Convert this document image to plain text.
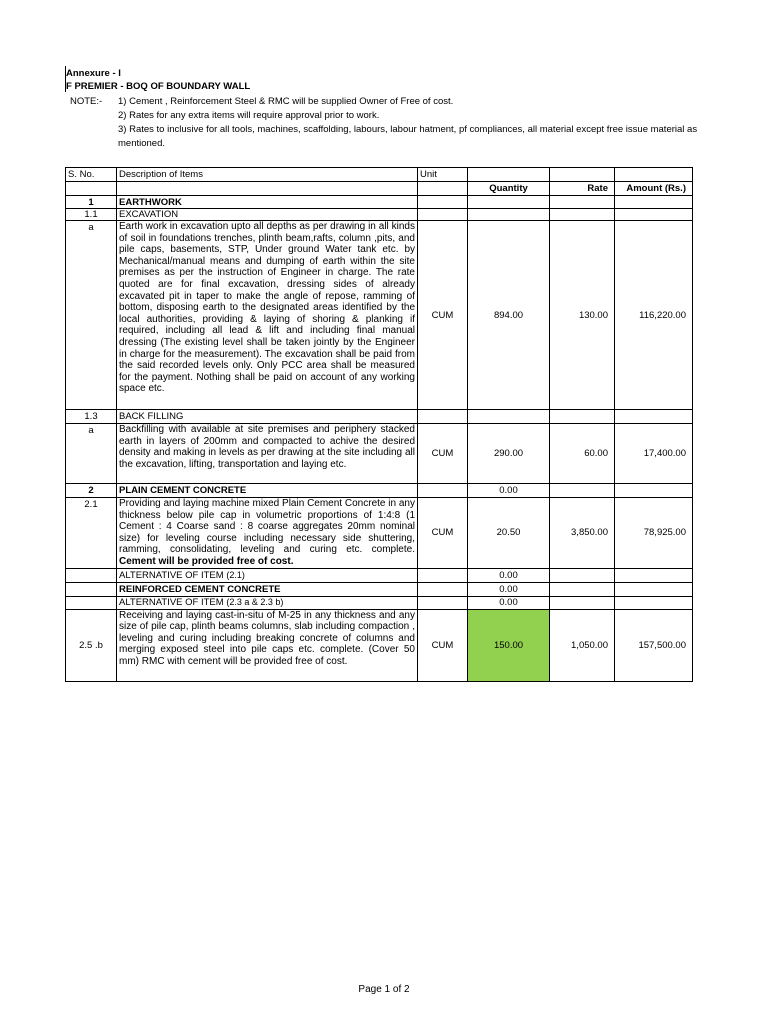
Annexure - I
F PREMIER - BOQ OF BOUNDARY WALL
NOTE:- 1) Cement , Reinforcement Steel & RMC will be supplied Owner of Free of cost.
2) Rates for any extra items will require approval prior to work.
3) Rates to inclusive for all tools, machines, scaffolding, labours, labour hatment, pf compliances, all material except free issue material as mentioned.
S. No.	Description of Items	Unit			
			Quantity	Rate	Amount (Rs.)
1	EARTHWORK				
1.1	EXCAVATION				
a	Earth work in excavation upto all depths as per drawing in all kinds of soil in foundations trenches, plinth beam,rafts, column ,pits, and pile caps, basements, STP, Under ground Water tank etc. by Mechanical/manual means and dumping of earth within the site premises as per the instruction of Engineer in charge. The rate quoted are for final excavation, dressing sides of already excavated pit in taper to make the angle of repose, ramming of bottom, disposing earth to the designated areas identified by the local authorities, providing & laying of shoring & planking if required, including all lead & lift and including final manual dressing (The existing level shall be taken jointly by the Engineer in charge for the measurement). The excavation shall be paid from the said recorded levels only. Only PCC area shall be measured for the payment. Nothing shall be paid on account of any working space etc.	CUM	894.00	130.00	116,220.00
1.3	BACK FILLING				
a	Backfilling with available at site premises and periphery stacked earth in layers of 200mm and compacted to achive the desired density and making in levels as per drawing at the site including all the excavation, lifting, transportation and laying etc.	CUM	290.00	60.00	17,400.00
2	PLAIN CEMENT CONCRETE		0.00		
2.1	Providing and laying machine mixed Plain Cement Concrete in any thickness below pile cap in volumetric proportions of 1:4:8 (1 Cement : 4 Coarse sand : 8 coarse aggregates 20mm nominal size) for leveling course including necessary side shuttering, ramming, consolidating, leveling and curing etc. complete. Cement will be provided free of cost.	CUM	20.50	3,850.00	78,925.00
	ALTERNATIVE OF ITEM (2.1)		0.00		
	REINFORCED CEMENT CONCRETE		0.00		
	ALTERNATIVE OF ITEM (2.3 a & 2.3 b)		0.00		
2.5 .b	Receiving and laying cast-in-situ of M-25 in any thickness and any size of pile cap, plinth beams columns, slab including compaction , leveling and curing including breaking concrete of columns and merging exposed steel into pile caps etc. complete. (Cover 50 mm) RMC with cement will be provided free of cost.	CUM	150.00	1,050.00	157,500.00
Page 1 of 2
